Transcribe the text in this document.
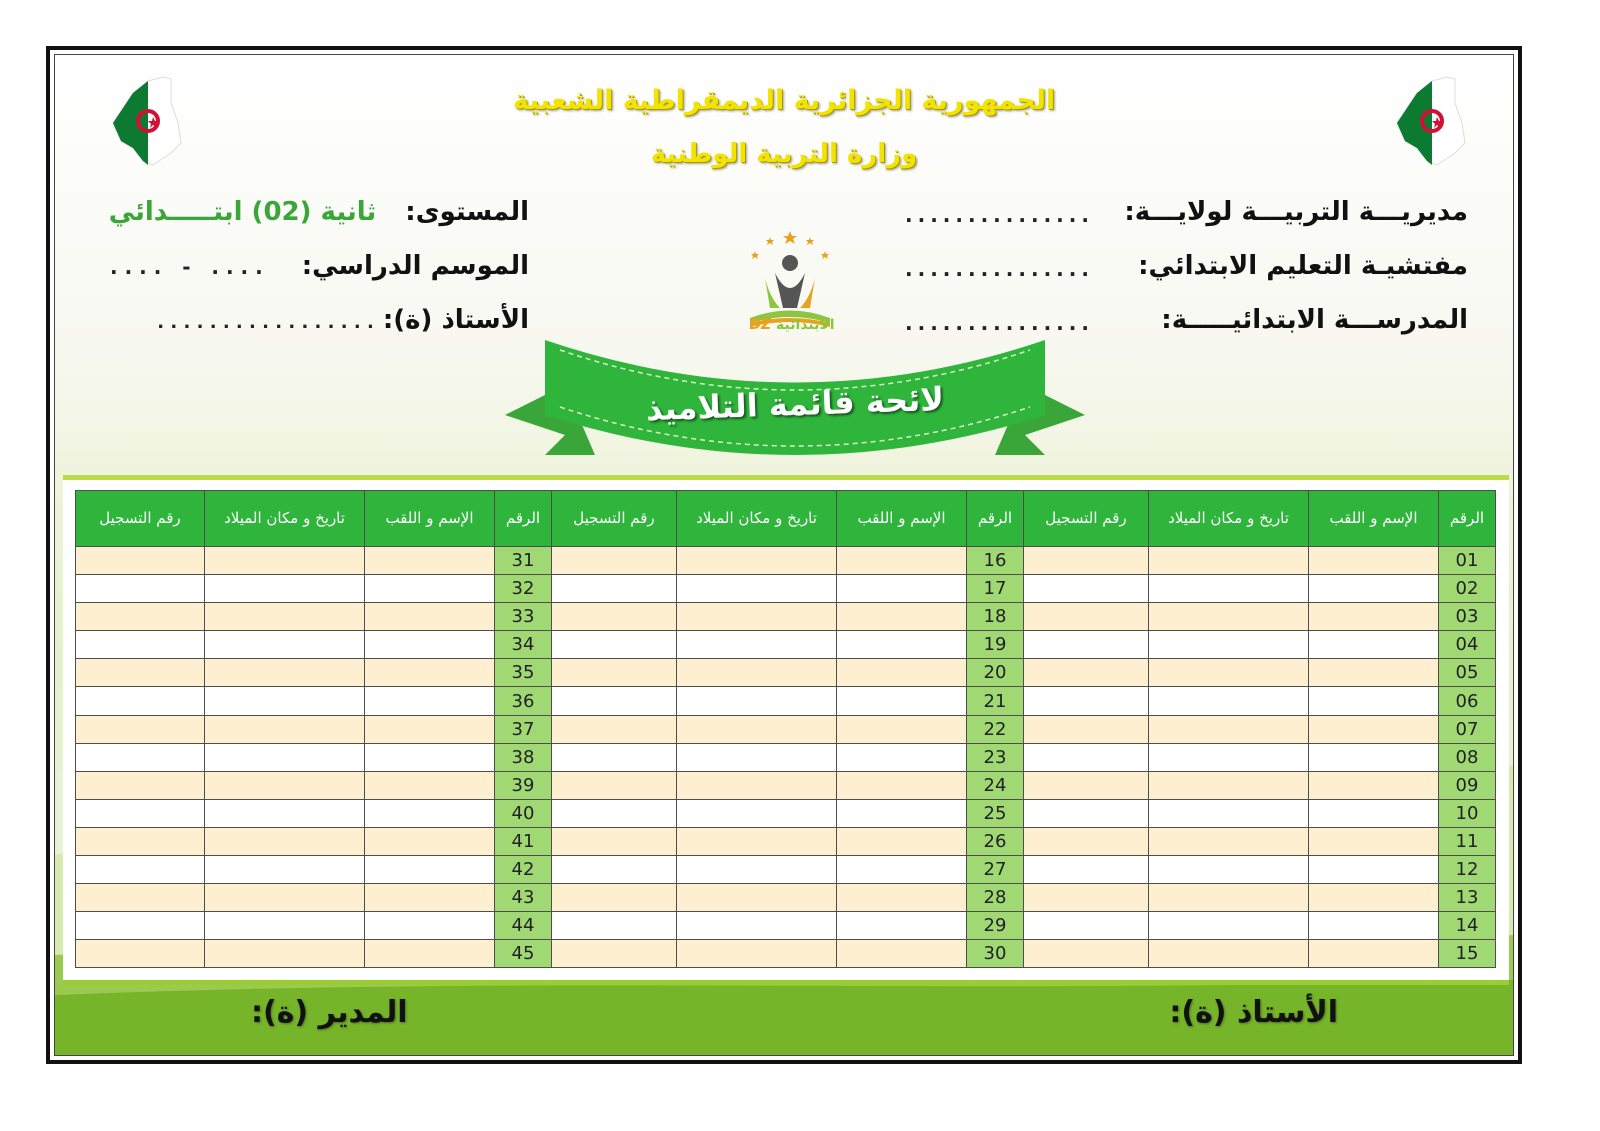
الجمهورية الجزائرية الديمقراطية الشعبية
وزارة التربية الوطنية
مديريـــة التربيـــة لولايـــة:
...............
مفتشيـة التعليم الابتدائي:
...............
المدرســـة الابتدائيـــــة:
...............
المستوى: ثانية (02) ابتـــــدائي
الموسم الدراسي: . . . .   -   . . . .
الأستاذ (ة): . . . . . . . . . . . . . . . . .	DZ الابتدائية
لائحة قائمة التلاميذ
الرقم	الإسم و اللقب	تاريخ و مكان الميلاد	رقم التسجيل	الرقم	الإسم و اللقب	تاريخ و مكان الميلاد	رقم التسجيل	الرقم	الإسم و اللقب	تاريخ و مكان الميلاد	رقم التسجيل
01				16				31			
02				17				32			
03				18				33			
04				19				34			
05				20				35			
06				21				36			
07				22				37			
08				23				38			
09				24				39			
10				25				40			
11				26				41			
12				27				42			
13				28				43			
14				29				44			
15				30				45			
الأستاذ (ة):
المدير (ة):
